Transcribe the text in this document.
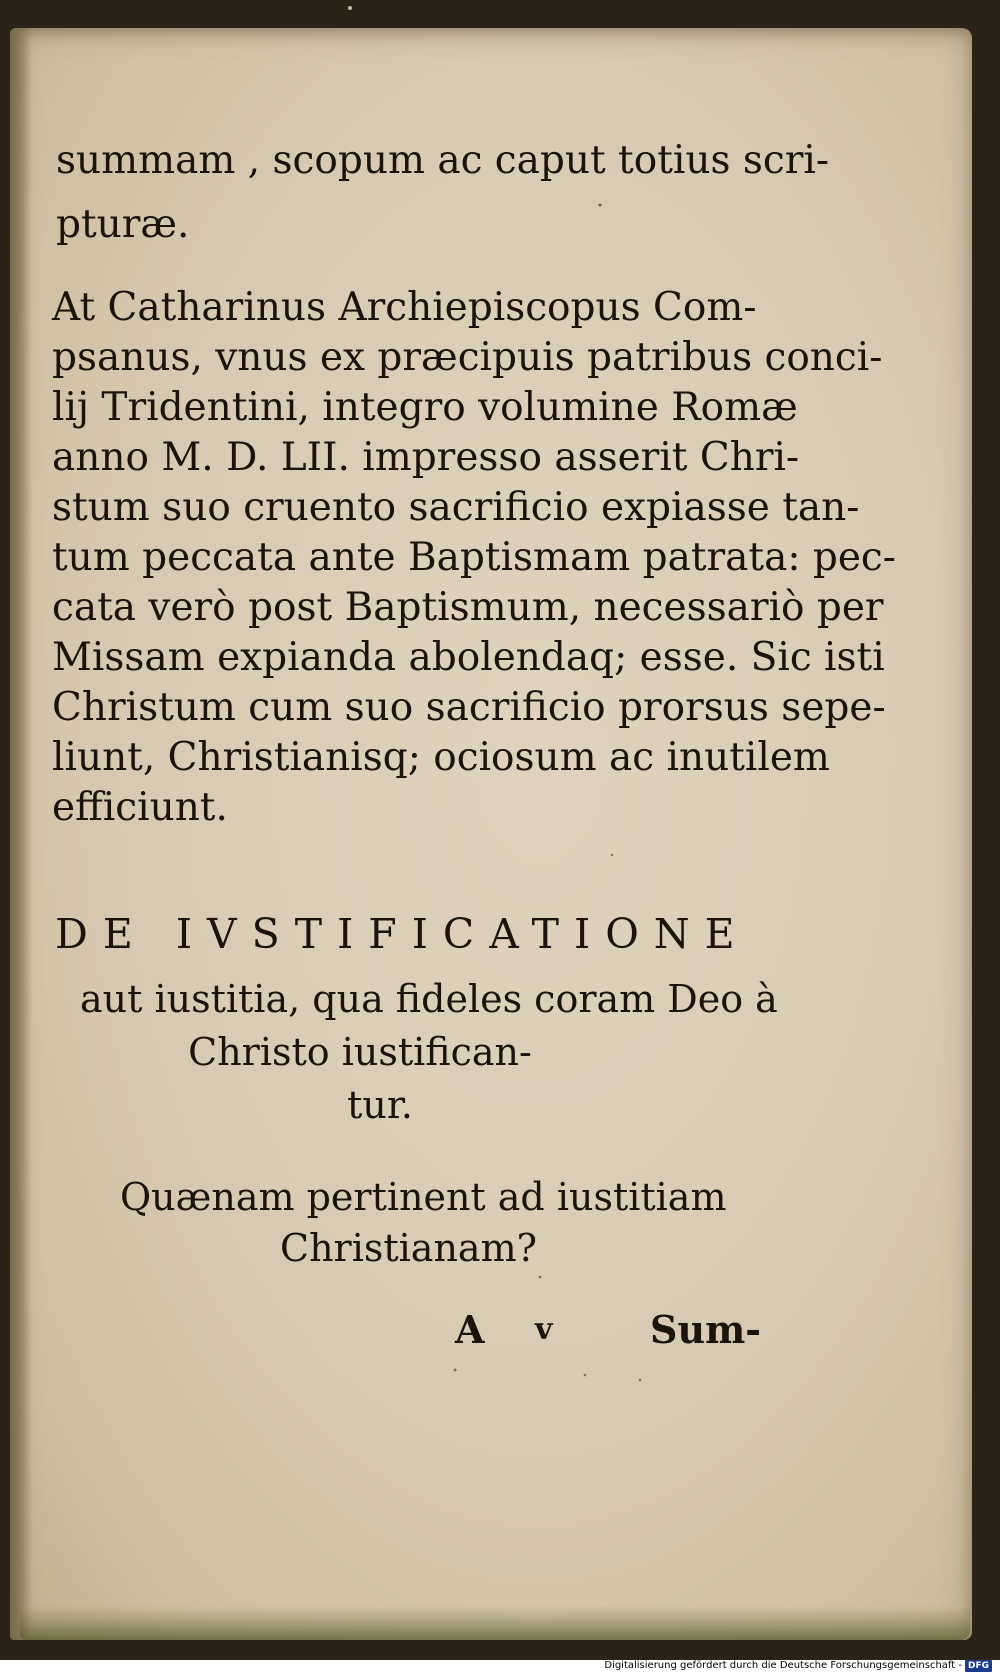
summam , scopum ac caput totius scri-
pturæ.
At Catharinus Archiepiscopus Com-
psanus, vnus ex præcipuis patribus conci-
lij Tridentini, integro volumine Romæ
anno M. D. LII. impresso asserit Chri-
stum suo cruento sacrificio expiasse tan-
tum peccata ante Baptismam patrata: pec-
cata verò post Baptismum, necessariò per
Missam expianda abolendaq; esse. Sic isti
Christum cum suo sacrificio prorsus sepe-
liunt, Christianisq; ociosum ac inutilem
efficiunt.
DE IVSTIFICATIONE
aut iustitia, qua fideles coram Deo à
Christo iustifican-
tur.
Quænam pertinent ad iustitiam
Christianam?
A v	Sum-
Digitalisierung gefördert durch die Deutsche Forschungsgemeinschaft - DFG
